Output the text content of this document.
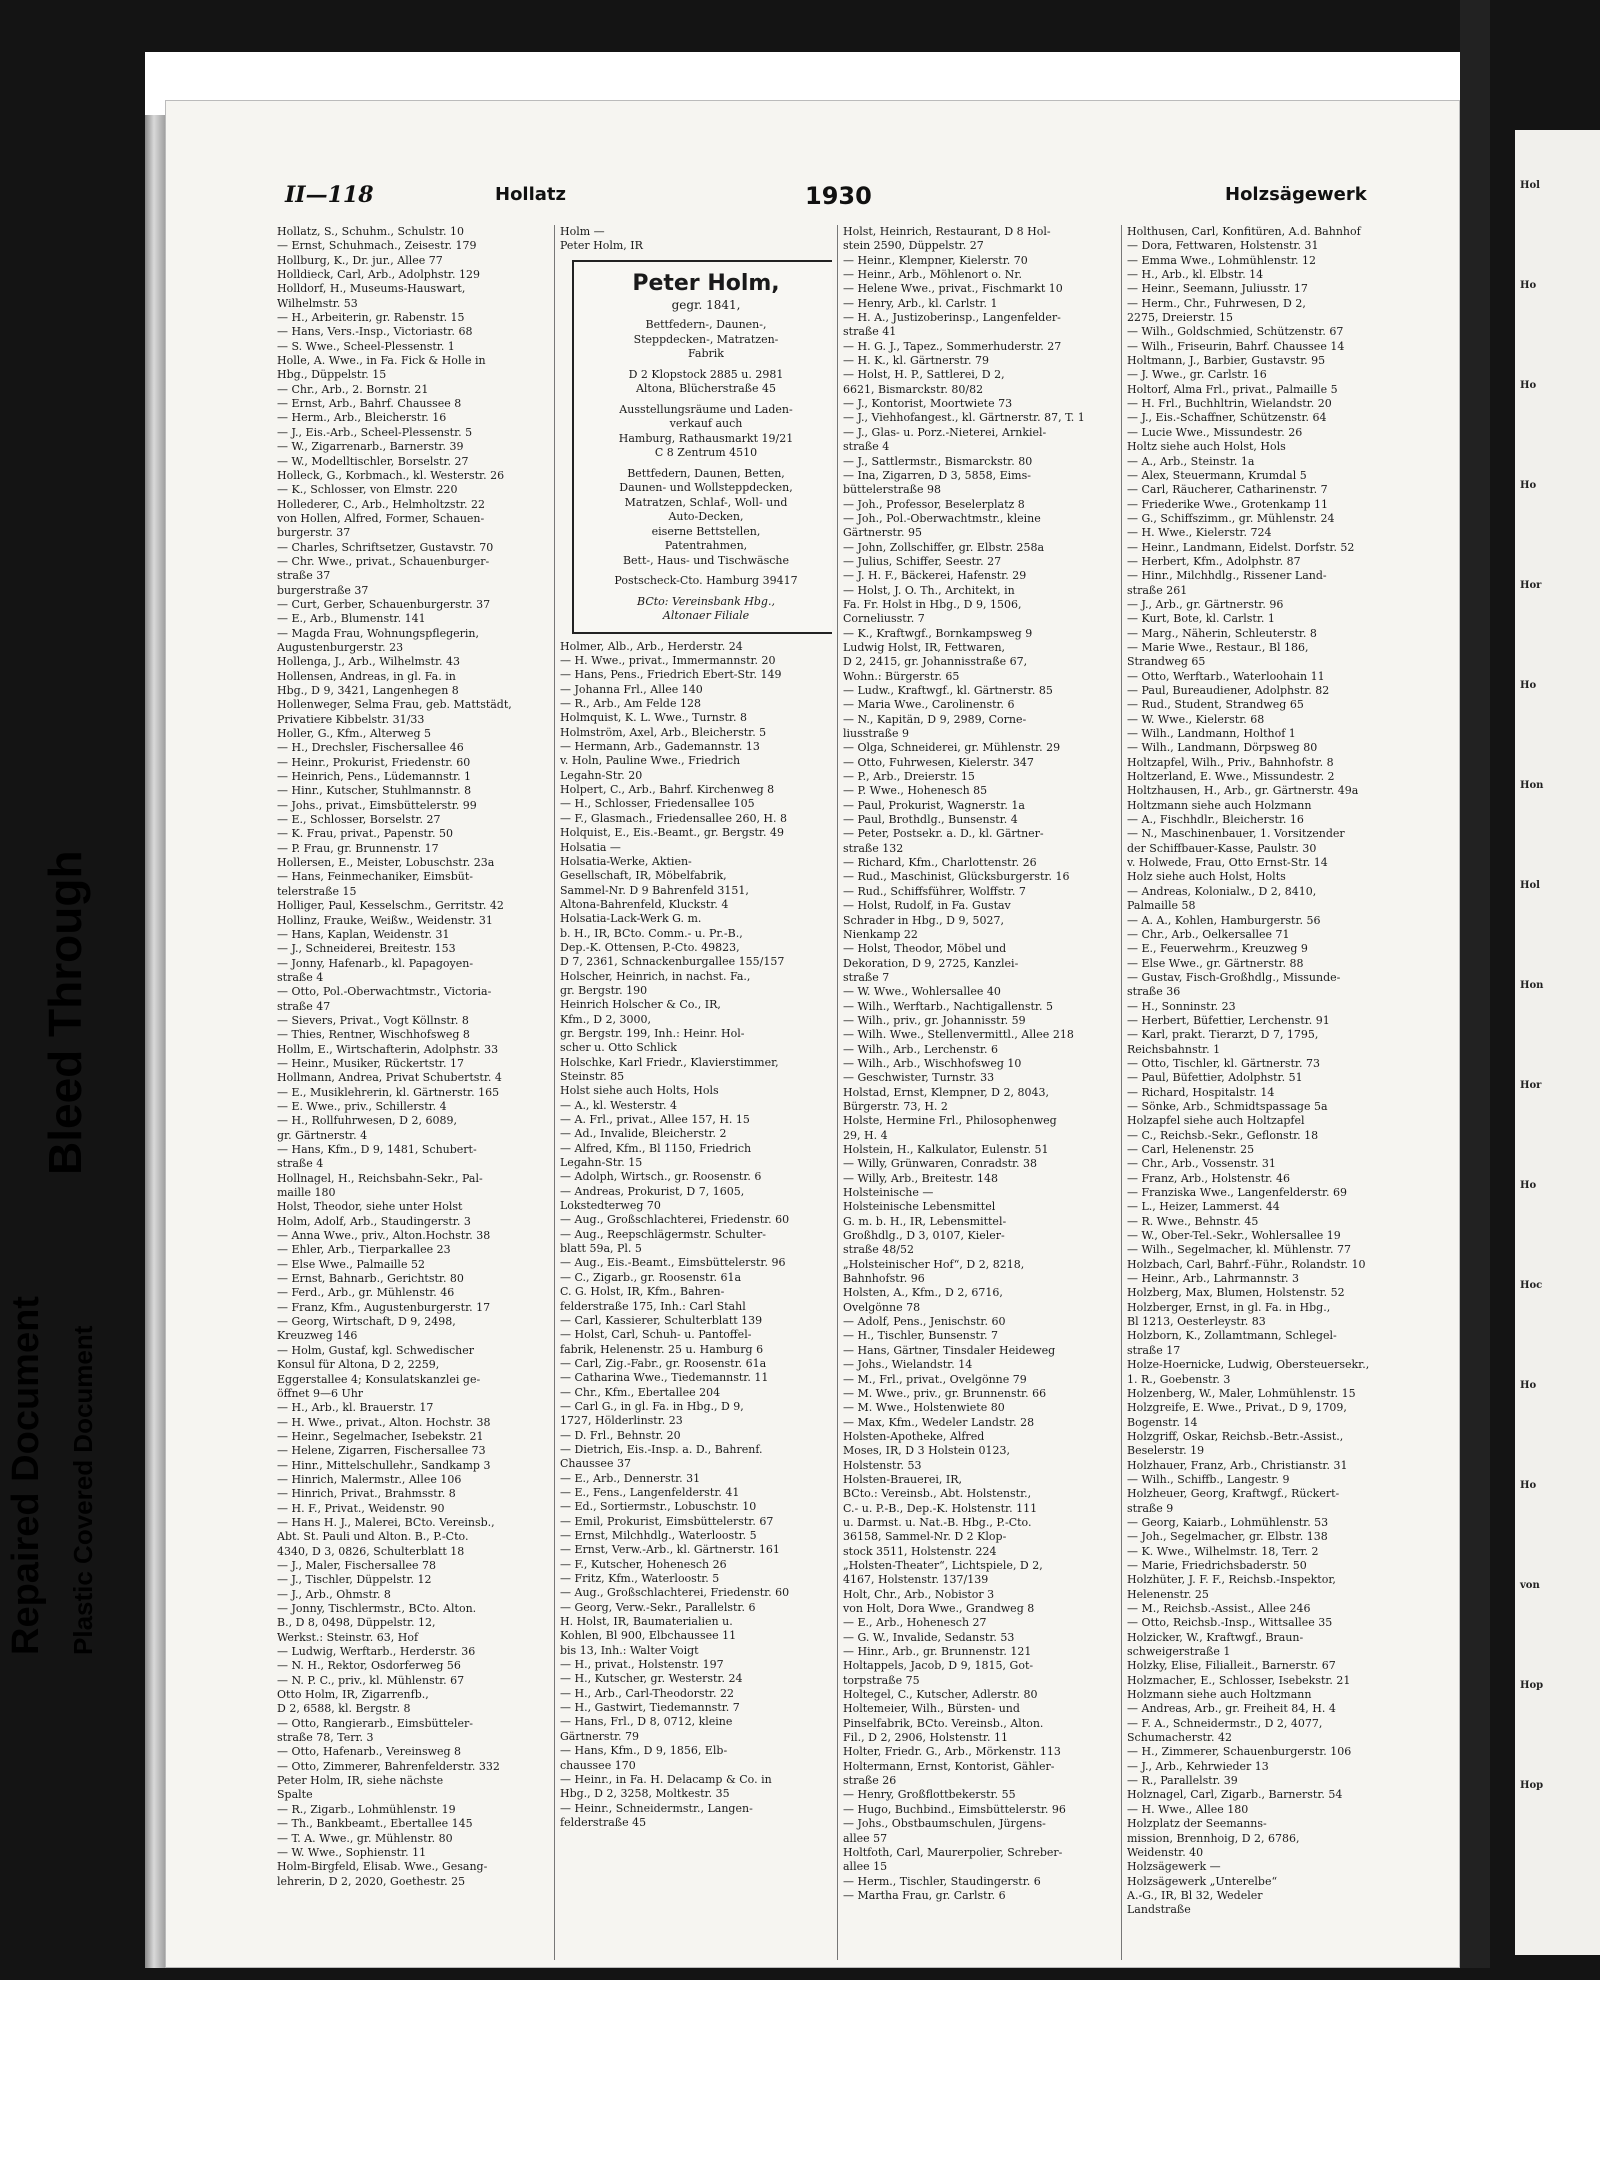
Hol
Ho
Ho
Ho
Hor
Ho
Hon
Hol
Hon
Hor
Ho
Hoc
Ho
Ho
von
Hop
Hop
Repaired Document Plastic Covered Document
Bleed Through
II—118	Hollatz	1930	Holzsägewerk
Hollatz, S., Schuhm., Schulstr. 10
— Ernst, Schuhmach., Zeisestr. 179
Hollburg, K., Dr. jur., Allee 77
Holldieck, Carl, Arb., Adolphstr. 129
Holldorf, H., Museums-Hauswart,
Wilhelmstr. 53
— H., Arbeiterin, gr. Rabenstr. 15
— Hans, Vers.-Insp., Victoriastr. 68
— S. Wwe., Scheel-Plessenstr. 1
Holle, A. Wwe., in Fa. Fick & Holle in
Hbg., Düppelstr. 15
— Chr., Arb., 2. Bornstr. 21
— Ernst, Arb., Bahrf. Chaussee 8
— Herm., Arb., Bleicherstr. 16
— J., Eis.-Arb., Scheel-Plessenstr. 5
— W., Zigarrenarb., Barnerstr. 39
— W., Modelltischler, Borselstr. 27
Holleck, G., Korbmach., kl. Westerstr. 26
— K., Schlosser, von Elmstr. 220
Hollederer, C., Arb., Helmholtzstr. 22
von Hollen, Alfred, Former, Schauen-
burgerstr. 37
— Charles, Schriftsetzer, Gustavstr. 70
— Chr. Wwe., privat., Schauenburger-
straße 37
burgerstraße 37
— Curt, Gerber, Schauenburgerstr. 37
— E., Arb., Blumenstr. 141
— Magda Frau, Wohnungspflegerin,
Augustenburgerstr. 23
Hollenga, J., Arb., Wilhelmstr. 43
Hollensen, Andreas, in gl. Fa. in
Hbg., D 9, 3421, Langenhegen 8
Hollenweger, Selma Frau, geb. Mattstädt,
Privatiere Kibbelstr. 31/33
Holler, G., Kfm., Alterweg 5
— H., Drechsler, Fischersallee 46
— Heinr., Prokurist, Friedenstr. 60
— Heinrich, Pens., Lüdemannstr. 1
— Hinr., Kutscher, Stuhlmannstr. 8
— Johs., privat., Eimsbüttelerstr. 99
— E., Schlosser, Borselstr. 27
— K. Frau, privat., Papenstr. 50
— P. Frau, gr. Brunnenstr. 17
Hollersen, E., Meister, Lobuschstr. 23a
— Hans, Feinmechaniker, Eimsbüt-
telerstraße 15
Holliger, Paul, Kesselschm., Gerritstr. 42
Hollinz, Frauke, Weißw., Weidenstr. 31
— Hans, Kaplan, Weidenstr. 31
— J., Schneiderei, Breitestr. 153
— Jonny, Hafenarb., kl. Papagoyen-
straße 4
— Otto, Pol.-Oberwachtmstr., Victoria-
straße 47
— Sievers, Privat., Vogt Köllnstr. 8
— Thies, Rentner, Wischhofsweg 8
Hollm, E., Wirtschafterin, Adolphstr. 33
— Heinr., Musiker, Rückertstr. 17
Hollmann, Andrea, Privat Schubertstr. 4
— E., Musiklehrerin, kl. Gärtnerstr. 165
— E. Wwe., priv., Schillerstr. 4
— H., Rollfuhrwesen, D 2, 6089,
gr. Gärtnerstr. 4
— Hans, Kfm., D 9, 1481, Schubert-
straße 4
Hollnagel, H., Reichsbahn-Sekr., Pal-
maille 180
Holst, Theodor, siehe unter Holst
Holm, Adolf, Arb., Staudingerstr. 3
— Anna Wwe., priv., Alton.Hochstr. 38
— Ehler, Arb., Tierparkallee 23
— Else Wwe., Palmaille 52
— Ernst, Bahnarb., Gerichtstr. 80
— Ferd., Arb., gr. Mühlenstr. 46
— Franz, Kfm., Augustenburgerstr. 17
— Georg, Wirtschaft, D 9, 2498,
Kreuzweg 146
— Holm, Gustaf, kgl. Schwedischer
Konsul für Altona, D 2, 2259,
Eggerstallee 4; Konsulatskanzlei ge-
öffnet 9—6 Uhr
— H., Arb., kl. Brauerstr. 17
— H. Wwe., privat., Alton. Hochstr. 38
— Heinr., Segelmacher, Isebekstr. 21
— Helene, Zigarren, Fischersallee 73
— Hinr., Mittelschullehr., Sandkamp 3
— Hinrich, Malermstr., Allee 106
— Hinrich, Privat., Brahmsstr. 8
— H. F., Privat., Weidenstr. 90
— Hans H. J., Malerei, BCto. Vereinsb.,
Abt. St. Pauli und Alton. B., P.-Cto.
4340, D 3, 0826, Schulterblatt 18
— J., Maler, Fischersallee 78
— J., Tischler, Düppelstr. 12
— J., Arb., Ohmstr. 8
— Jonny, Tischlermstr., BCto. Alton.
B., D 8, 0498, Düppelstr. 12,
Werkst.: Steinstr. 63, Hof
— Ludwig, Werftarb., Herderstr. 36
— N. H., Rektor, Osdorferweg 56
— N. P. C., priv., kl. Mühlenstr. 67
Otto Holm, IR, Zigarrenfb.,
D 2, 6588, kl. Bergstr. 8
— Otto, Rangierarb., Eimsbütteler-
straße 78, Terr. 3
— Otto, Hafenarb., Vereinsweg 8
— Otto, Zimmerer, Bahrenfelderstr. 332
Peter Holm, IR, siehe nächste
Spalte
— R., Zigarb., Lohmühlenstr. 19
— Th., Bankbeamt., Ebertallee 145
— T. A. Wwe., gr. Mühlenstr. 80
— W. Wwe., Sophienstr. 11
Holm-Birgfeld, Elisab. Wwe., Gesang-
lehrerin, D 2, 2020, Goethestr. 25
Holm —
Peter Holm, IR
Peter Holm,
gegr. 1841,
Bettfedern-, Daunen-,
Steppdecken-, Matratzen-
Fabrik
D 2 Klopstock 2885 u. 2981
Altona, Blücherstraße 45
Ausstellungsräume und Laden-
verkauf auch
Hamburg, Rathausmarkt 19/21
C 8 Zentrum 4510
Bettfedern, Daunen, Betten,
Daunen- und Wollsteppdecken,
Matratzen, Schlaf-, Woll- und
Auto-Decken,
eiserne Bettstellen,
Patentrahmen,
Bett-, Haus- und Tischwäsche
Postscheck-Cto. Hamburg 39417
BCto: Vereinsbank Hbg.,
Altonaer Filiale
Holmer, Alb., Arb., Herderstr. 24
— H. Wwe., privat., Immermannstr. 20
— Hans, Pens., Friedrich Ebert-Str. 149
— Johanna Frl., Allee 140
— R., Arb., Am Felde 128
Holmquist, K. L. Wwe., Turnstr. 8
Holmström, Axel, Arb., Bleicherstr. 5
— Hermann, Arb., Gademannstr. 13
v. Holn, Pauline Wwe., Friedrich
Legahn-Str. 20
Holpert, C., Arb., Bahrf. Kirchenweg 8
— H., Schlosser, Friedensallee 105
— F., Glasmach., Friedensallee 260, H. 8
Holquist, E., Eis.-Beamt., gr. Bergstr. 49
Holsatia —
Holsatia-Werke, Aktien-
Gesellschaft, IR, Möbelfabrik,
Sammel-Nr. D 9 Bahrenfeld 3151,
Altona-Bahrenfeld, Kluckstr. 4
Holsatia-Lack-Werk G. m.
b. H., IR, BCto. Comm.- u. Pr.-B.,
Dep.-K. Ottensen, P.-Cto. 49823,
D 7, 2361, Schnackenburgallee 155/157
Holscher, Heinrich, in nachst. Fa.,
gr. Bergstr. 190
Heinrich Holscher & Co., IR,
Kfm., D 2, 3000,
gr. Bergstr. 199, Inh.: Heinr. Hol-
scher u. Otto Schlick
Holschke, Karl Friedr., Klavierstimmer,
Steinstr. 85
Holst siehe auch Holts, Hols
— A., kl. Westerstr. 4
— A. Frl., privat., Allee 157, H. 15
— Ad., Invalide, Bleicherstr. 2
— Alfred, Kfm., Bl 1150, Friedrich
Legahn-Str. 15
— Adolph, Wirtsch., gr. Roosenstr. 6
— Andreas, Prokurist, D 7, 1605,
Lokstedterweg 70
— Aug., Großschlachterei, Friedenstr. 60
— Aug., Reepschlägermstr. Schulter-
blatt 59a, Pl. 5
— Aug., Eis.-Beamt., Eimsbüttelerstr. 96
— C., Zigarb., gr. Roosenstr. 61a
C. G. Holst, IR, Kfm., Bahren-
felderstraße 175, Inh.: Carl Stahl
— Carl, Kassierer, Schulterblatt 139
— Holst, Carl, Schuh- u. Pantoffel-
fabrik, Helenenstr. 25 u. Hamburg 6
— Carl, Zig.-Fabr., gr. Roosenstr. 61a
— Catharina Wwe., Tiedemannstr. 11
— Chr., Kfm., Ebertallee 204
— Carl G., in gl. Fa. in Hbg., D 9,
1727, Hölderlinstr. 23
— D. Frl., Behnstr. 20
— Dietrich, Eis.-Insp. a. D., Bahrenf.
Chaussee 37
— E., Arb., Dennerstr. 31
— E., Fens., Langenfelderstr. 41
— Ed., Sortiermstr., Lobuschstr. 10
— Emil, Prokurist, Eimsbüttelerstr. 67
— Ernst, Milchhdlg., Waterloostr. 5
— Ernst, Verw.-Arb., kl. Gärtnerstr. 161
— F., Kutscher, Hohenesch 26
— Fritz, Kfm., Waterloostr. 5
— Aug., Großschlachterei, Friedenstr. 60
— Georg, Verw.-Sekr., Parallelstr. 6
H. Holst, IR, Baumaterialien u.
Kohlen, Bl 900, Elbchaussee 11
bis 13, Inh.: Walter Voigt
— H., privat., Holstenstr. 197
— H., Kutscher, gr. Westerstr. 24
— H., Arb., Carl-Theodorstr. 22
— H., Gastwirt, Tiedemannstr. 7
— Hans, Frl., D 8, 0712, kleine
Gärtnerstr. 79
— Hans, Kfm., D 9, 1856, Elb-
chaussee 170
— Heinr., in Fa. H. Delacamp & Co. in
Hbg., D 2, 3258, Moltkestr. 35
— Heinr., Schneidermstr., Langen-
felderstraße 45
Holst, Heinrich, Restaurant, D 8 Hol-
stein 2590, Düppelstr. 27
— Heinr., Klempner, Kielerstr. 70
— Heinr., Arb., Möhlenort o. Nr.
— Helene Wwe., privat., Fischmarkt 10
— Henry, Arb., kl. Carlstr. 1
— H. A., Justizoberinsp., Langenfelder-
straße 41
— H. G. J., Tapez., Sommerhuderstr. 27
— H. K., kl. Gärtnerstr. 79
— Holst, H. P., Sattlerei, D 2,
6621, Bismarckstr. 80/82
— J., Kontorist, Moortwiete 73
— J., Viehhofangest., kl. Gärtnerstr. 87, T. 1
— J., Glas- u. Porz.-Nieterei, Arnkiel-
straße 4
— J., Sattlermstr., Bismarckstr. 80
— Ina, Zigarren, D 3, 5858, Eims-
büttelerstraße 98
— Joh., Professor, Beselerplatz 8
— Joh., Pol.-Oberwachtmstr., kleine
Gärtnerstr. 95
— John, Zollschiffer, gr. Elbstr. 258a
— Julius, Schiffer, Seestr. 27
— J. H. F., Bäckerei, Hafenstr. 29
— Holst, J. O. Th., Architekt, in
Fa. Fr. Holst in Hbg., D 9, 1506,
Corneliusstr. 7
— K., Kraftwgf., Bornkampsweg 9
Ludwig Holst, IR, Fettwaren,
D 2, 2415, gr. Johannisstraße 67,
Wohn.: Bürgerstr. 65
— Ludw., Kraftwgf., kl. Gärtnerstr. 85
— Maria Wwe., Carolinenstr. 6
— N., Kapitän, D 9, 2989, Corne-
liusstraße 9
— Olga, Schneiderei, gr. Mühlenstr. 29
— Otto, Fuhrwesen, Kielerstr. 347
— P., Arb., Dreierstr. 15
— P. Wwe., Hohenesch 85
— Paul, Prokurist, Wagnerstr. 1a
— Paul, Brothdlg., Bunsenstr. 4
— Peter, Postsekr. a. D., kl. Gärtner-
straße 132
— Richard, Kfm., Charlottenstr. 26
— Rud., Maschinist, Glücksburgerstr. 16
— Rud., Schiffsführer, Wolffstr. 7
— Holst, Rudolf, in Fa. Gustav
Schrader in Hbg., D 9, 5027,
Nienkamp 22
— Holst, Theodor, Möbel und
Dekoration, D 9, 2725, Kanzlei-
straße 7
— W. Wwe., Wohlersallee 40
— Wilh., Werftarb., Nachtigallenstr. 5
— Wilh., priv., gr. Johannisstr. 59
— Wilh. Wwe., Stellenvermittl., Allee 218
— Wilh., Arb., Lerchenstr. 6
— Wilh., Arb., Wischhofsweg 10
— Geschwister, Turnstr. 33
Holstad, Ernst, Klempner, D 2, 8043,
Bürgerstr. 73, H. 2
Holste, Hermine Frl., Philosophenweg
29, H. 4
Holstein, H., Kalkulator, Eulenstr. 51
— Willy, Grünwaren, Conradstr. 38
— Willy, Arb., Breitestr. 148
Holsteinische —
Holsteinische Lebensmittel
G. m. b. H., IR, Lebensmittel-
Großhdlg., D 3, 0107, Kieler-
straße 48/52
„Holsteinischer Hof“, D 2, 8218,
Bahnhofstr. 96
Holsten, A., Kfm., D 2, 6716,
Ovelgönne 78
— Adolf, Pens., Jenischstr. 60
— H., Tischler, Bunsenstr. 7
— Hans, Gärtner, Tinsdaler Heideweg
— Johs., Wielandstr. 14
— M., Frl., privat., Ovelgönne 79
— M. Wwe., priv., gr. Brunnenstr. 66
— M. Wwe., Holstenwiete 80
— Max, Kfm., Wedeler Landstr. 28
Holsten-Apotheke, Alfred
Moses, IR, D 3 Holstein 0123,
Holstenstr. 53
Holsten-Brauerei, IR,
BCto.: Vereinsb., Abt. Holstenstr.,
C.- u. P.-B., Dep.-K. Holstenstr. 111
u. Darmst. u. Nat.-B. Hbg., P.-Cto.
36158, Sammel-Nr. D 2 Klop-
stock 3511, Holstenstr. 224
„Holsten-Theater“, Lichtspiele, D 2,
4167, Holstenstr. 137/139
Holt, Chr., Arb., Nobistor 3
von Holt, Dora Wwe., Grandweg 8
— E., Arb., Hohenesch 27
— G. W., Invalide, Sedanstr. 53
— Hinr., Arb., gr. Brunnenstr. 121
Holtappels, Jacob, D 9, 1815, Got-
torpstraße 75
Holtegel, C., Kutscher, Adlerstr. 80
Holtemeier, Wilh., Bürsten- und
Pinselfabrik, BCto. Vereinsb., Alton.
Fil., D 2, 2906, Holstenstr. 11
Holter, Friedr. G., Arb., Mörkenstr. 113
Holtermann, Ernst, Kontorist, Gähler-
straße 26
— Henry, Großflottbekerstr. 55
— Hugo, Buchbind., Eimsbüttelerstr. 96
— Johs., Obstbaumschulen, Jürgens-
allee 57
Holtfoth, Carl, Maurerpolier, Schreber-
allee 15
— Herm., Tischler, Staudingerstr. 6
— Martha Frau, gr. Carlstr. 6
Holthusen, Carl, Konfitüren, A.d. Bahnhof
— Dora, Fettwaren, Holstenstr. 31
— Emma Wwe., Lohmühlenstr. 12
— H., Arb., kl. Elbstr. 14
— Heinr., Seemann, Juliusstr. 17
— Herm., Chr., Fuhrwesen, D 2,
2275, Dreierstr. 15
— Wilh., Goldschmied, Schützenstr. 67
— Wilh., Friseurin, Bahrf. Chaussee 14
Holtmann, J., Barbier, Gustavstr. 95
— J. Wwe., gr. Carlstr. 16
Holtorf, Alma Frl., privat., Palmaille 5
— H. Frl., Buchhltrin, Wielandstr. 20
— J., Eis.-Schaffner, Schützenstr. 64
— Lucie Wwe., Missundestr. 26
Holtz siehe auch Holst, Hols
— A., Arb., Steinstr. 1a
— Alex, Steuermann, Krumdal 5
— Carl, Räucherer, Catharinenstr. 7
— Friederike Wwe., Grotenkamp 11
— G., Schiffszimm., gr. Mühlenstr. 24
— H. Wwe., Kielerstr. 724
— Heinr., Landmann, Eidelst. Dorfstr. 52
— Herbert, Kfm., Adolphstr. 87
— Hinr., Milchhdlg., Rissener Land-
straße 261
— J., Arb., gr. Gärtnerstr. 96
— Kurt, Bote, kl. Carlstr. 1
— Marg., Näherin, Schleuterstr. 8
— Marie Wwe., Restaur., Bl 186,
Strandweg 65
— Otto, Werftarb., Waterloohain 11
— Paul, Bureaudiener, Adolphstr. 82
— Rud., Student, Strandweg 65
— W. Wwe., Kielerstr. 68
— Wilh., Landmann, Holthof 1
— Wilh., Landmann, Dörpsweg 80
Holtzapfel, Wilh., Priv., Bahnhofstr. 8
Holtzerland, E. Wwe., Missundestr. 2
Holtzhausen, H., Arb., gr. Gärtnerstr. 49a
Holtzmann siehe auch Holzmann
— A., Fischhdlr., Bleicherstr. 16
— N., Maschinenbauer, 1. Vorsitzender
der Schiffbauer-Kasse, Paulstr. 30
v. Holwede, Frau, Otto Ernst-Str. 14
Holz siehe auch Holst, Holts
— Andreas, Kolonialw., D 2, 8410,
Palmaille 58
— A. A., Kohlen, Hamburgerstr. 56
— Chr., Arb., Oelkersallee 71
— E., Feuerwehrm., Kreuzweg 9
— Else Wwe., gr. Gärtnerstr. 88
— Gustav, Fisch-Großhdlg., Missunde-
straße 36
— H., Sonninstr. 23
— Herbert, Büfettier, Lerchenstr. 91
— Karl, prakt. Tierarzt, D 7, 1795,
Reichsbahnstr. 1
— Otto, Tischler, kl. Gärtnerstr. 73
— Paul, Büfettier, Adolphstr. 51
— Richard, Hospitalstr. 14
— Sönke, Arb., Schmidtspassage 5a
Holzapfel siehe auch Holtzapfel
— C., Reichsb.-Sekr., Geflonstr. 18
— Carl, Helenenstr. 25
— Chr., Arb., Vossenstr. 31
— Franz, Arb., Holstenstr. 46
— Franziska Wwe., Langenfelderstr. 69
— L., Heizer, Lammerst. 44
— R. Wwe., Behnstr. 45
— W., Ober-Tel.-Sekr., Wohlersallee 19
— Wilh., Segelmacher, kl. Mühlenstr. 77
Holzbach, Carl, Bahrf.-Führ., Rolandstr. 10
— Heinr., Arb., Lahrmannstr. 3
Holzberg, Max, Blumen, Holstenstr. 52
Holzberger, Ernst, in gl. Fa. in Hbg.,
Bl 1213, Oesterleystr. 83
Holzborn, K., Zollamtmann, Schlegel-
straße 17
Holze-Hoernicke, Ludwig, Obersteuersekr.,
1. R., Goebenstr. 3
Holzenberg, W., Maler, Lohmühlenstr. 15
Holzgreife, E. Wwe., Privat., D 9, 1709,
Bogenstr. 14
Holzgriff, Oskar, Reichsb.-Betr.-Assist.,
Beselerstr. 19
Holzhauer, Franz, Arb., Christianstr. 31
— Wilh., Schiffb., Langestr. 9
Holzheuer, Georg, Kraftwgf., Rückert-
straße 9
— Georg, Kaiarb., Lohmühlenstr. 53
— Joh., Segelmacher, gr. Elbstr. 138
— K. Wwe., Wilhelmstr. 18, Terr. 2
— Marie, Friedrichsbaderstr. 50
Holzhüter, J. F. F., Reichsb.-Inspektor,
Helenenstr. 25
— M., Reichsb.-Assist., Allee 246
— Otto, Reichsb.-Insp., Wittsallee 35
Holzicker, W., Kraftwgf., Braun-
schweigerstraße 1
Holzky, Elise, Filialleit., Barnerstr. 67
Holzmacher, E., Schlosser, Isebekstr. 21
Holzmann siehe auch Holtzmann
— Andreas, Arb., gr. Freiheit 84, H. 4
— F. A., Schneidermstr., D 2, 4077,
Schumacherstr. 42
— H., Zimmerer, Schauenburgerstr. 106
— J., Arb., Kehrwieder 13
— R., Parallelstr. 39
Holznagel, Carl, Zigarb., Barnerstr. 54
— H. Wwe., Allee 180
Holzplatz der Seemanns-
mission, Brennhoig, D 2, 6786,
Weidenstr. 40
Holzsägewerk —
Holzsägewerk „Unterelbe“
A.-G., IR, Bl 32, Wedeler
Landstraße
